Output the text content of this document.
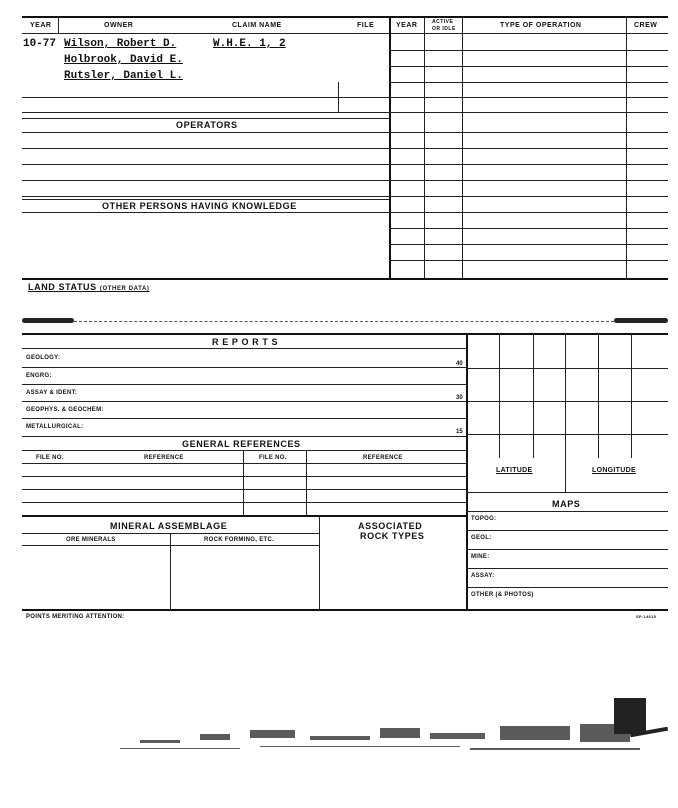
YEAR	OWNER	CLAIM NAME	FILE	YEAR	ACTIVE
OR IDLE	TYPE OF OPERATION	CREW
10-77 Wilson, Robert D.	W.H.E. 1, 2
Holbrook, David E.
Rutsler, Daniel L.
OPERATORS
OTHER PERSONS HAVING KNOWLEDGE
LAND STATUS (OTHER DATA)
R E P O R T S
GEOLOGY:
40
ENGRG:
ASSAY & IDENT:
30
GEOPHYS. & GEOCHEM:
METALLURGICAL:
15
GENERAL REFERENCES
FILE NO.	REFERENCE	FILE NO.	REFERENCE
MINERAL ASSEMBLAGE	ASSOCIATED
ROCK TYPES
ORE MINERALS	ROCK FORMING, ETC.
LATITUDE	LONGITUDE
MAPS
TOPOG:
GEOL:
MINE:
ASSAY:
OTHER (& PHOTOS)
POINTS MERITING ATTENTION:	SP-14615
